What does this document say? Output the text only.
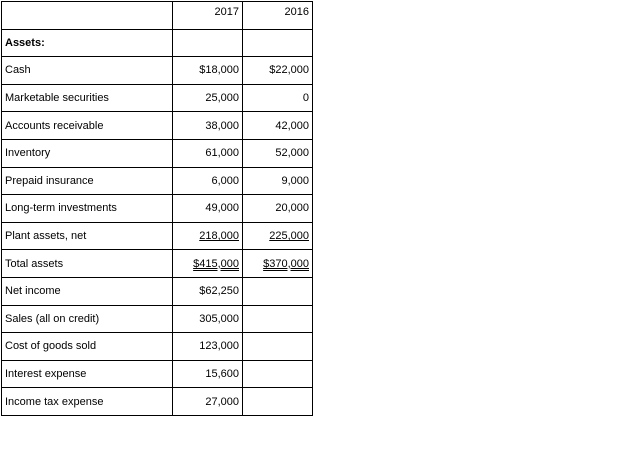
	2017	2016
Assets:		
Cash	$18,000	$22,000
Marketable securities	25,000	0
Accounts receivable	38,000	42,000
Inventory	61,000	52,000
Prepaid insurance	6,000	9,000
Long-term investments	49,000	20,000
Plant assets, net	218,000	225,000
Total assets	$415,000	$370,000
Net income	$62,250	
Sales (all on credit)	305,000	
Cost of goods sold	123,000	
Interest expense	15,600	
Income tax expense	27,000	
